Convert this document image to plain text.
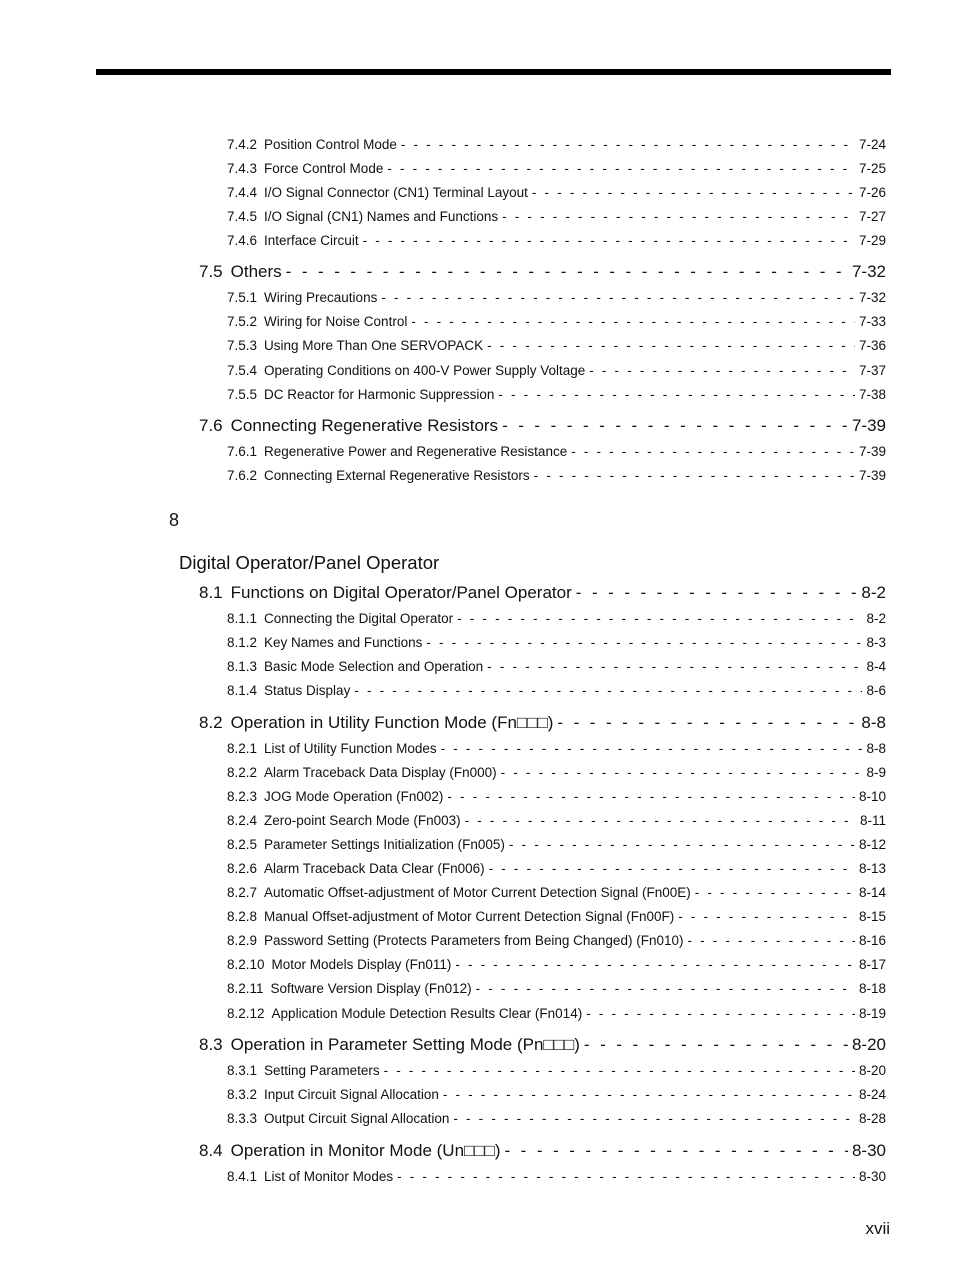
7.4.2 Position Control Mode - - -	7-24
7.4.3 Force Control Mode - - -	7-25
7.4.4 I/O Signal Connector (CN1) Terminal Layout - - -	7-26
7.4.5 I/O Signal (CN1) Names and Functions - - -	7-27
7.4.6 Interface Circuit - - -	7-29
7.5 Others - - -	7-32
7.5.1 Wiring Precautions - - -	7-32
7.5.2 Wiring for Noise Control - - -	7-33
7.5.3 Using More Than One SERVOPACK - - -	7-36
7.5.4 Operating Conditions on 400-V Power Supply Voltage - - -	7-37
7.5.5 DC Reactor for Harmonic Suppression - - -	7-38
7.6 Connecting Regenerative Resistors - - -	7-39
7.6.1 Regenerative Power and Regenerative Resistance - - -	7-39
7.6.2 Connecting External Regenerative Resistors - - -	7-39
8
Digital Operator/Panel Operator
8.1 Functions on Digital Operator/Panel Operator - - -	8-2
8.1.1 Connecting the Digital Operator - - -	8-2
8.1.2 Key Names and Functions - - -	8-3
8.1.3 Basic Mode Selection and Operation - - -	8-4
8.1.4 Status Display - - -	8-6
8.2 Operation in Utility Function Mode (Fn□□□) - - -	8-8
8.2.1 List of Utility Function Modes - - -	8-8
8.2.2 Alarm Traceback Data Display (Fn000) - - -	8-9
8.2.3 JOG Mode Operation (Fn002) - - -	8-10
8.2.4 Zero-point Search Mode (Fn003) - - -	8-11
8.2.5 Parameter Settings Initialization (Fn005) - - -	8-12
8.2.6 Alarm Traceback Data Clear (Fn006) - - -	8-13
8.2.7 Automatic Offset-adjustment of Motor Current Detection Signal (Fn00E) - - -	8-14
8.2.8 Manual Offset-adjustment of Motor Current Detection Signal (Fn00F) - - -	8-15
8.2.9 Password Setting (Protects Parameters from Being Changed) (Fn010) - - -	8-16
8.2.10 Motor Models Display (Fn011) - - -	8-17
8.2.11 Software Version Display (Fn012) - - -	8-18
8.2.12 Application Module Detection Results Clear (Fn014) - - -	8-19
8.3 Operation in Parameter Setting Mode (Pn□□□) - - -	8-20
8.3.1 Setting Parameters - - -	8-20
8.3.2 Input Circuit Signal Allocation - - -	8-24
8.3.3 Output Circuit Signal Allocation - - -	8-28
8.4 Operation in Monitor Mode (Un□□□) - - -	8-30
8.4.1 List of Monitor Modes - - -	8-30
xvii
